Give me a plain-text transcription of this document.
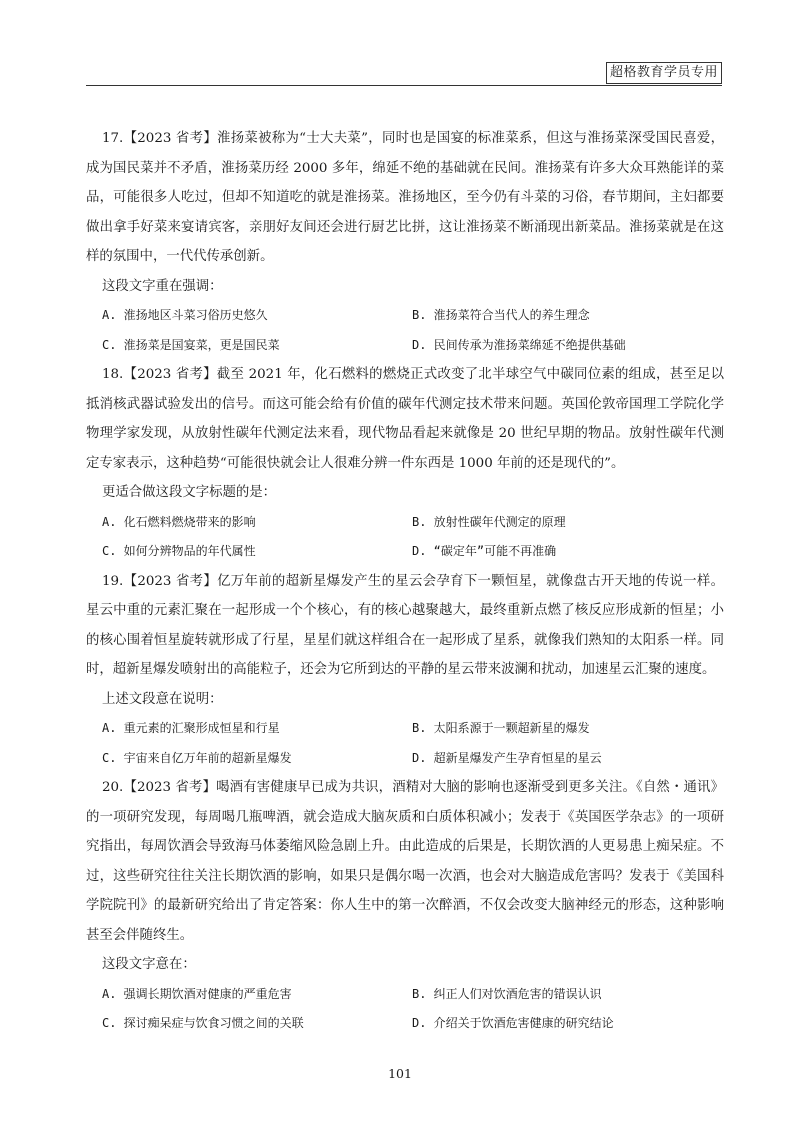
超格教育学员专用

17.【2023 省考】淮扬菜被称为“士大夫菜”，同时也是国宴的标准菜系，但这与淮扬菜深受国民喜爱，成为国民菜并不矛盾，淮扬菜历经 2000 多年，绵延不绝的基础就在民间。淮扬菜有许多大众耳熟能详的菜品，可能很多人吃过，但却不知道吃的就是淮扬菜。淮扬地区，至今仍有斗菜的习俗，春节期间，主妇都要做出拿手好菜来宴请宾客，亲朋好友间还会进行厨艺比拼，这让淮扬菜不断涌现出新菜品。淮扬菜就是在这样的氛围中，一代代传承创新。

这段文字重在强调：

A. 淮扬地区斗菜习俗历史悠久	B. 淮扬菜符合当代人的养生理念
C. 淮扬菜是国宴菜，更是国民菜	D. 民间传承为淮扬菜绵延不绝提供基础

18.【2023 省考】截至 2021 年，化石燃料的燃烧正式改变了北半球空气中碳同位素的组成，甚至足以抵消核武器试验发出的信号。而这可能会给有价值的碳年代测定技术带来问题。英国伦敦帝国理工学院化学物理学家发现，从放射性碳年代测定法来看，现代物品看起来就像是 20 世纪早期的物品。放射性碳年代测定专家表示，这种趋势“可能很快就会让人很难分辨一件东西是 1000 年前的还是现代的”。

更适合做这段文字标题的是：

A. 化石燃料燃烧带来的影响	B. 放射性碳年代测定的原理
C. 如何分辨物品的年代属性	D. “碳定年”可能不再准确

19.【2023 省考】亿万年前的超新星爆发产生的星云会孕育下一颗恒星，就像盘古开天地的传说一样。星云中重的元素汇聚在一起形成一个个核心，有的核心越聚越大，最终重新点燃了核反应形成新的恒星；小的核心围着恒星旋转就形成了行星，星星们就这样组合在一起形成了星系，就像我们熟知的太阳系一样。同时，超新星爆发喷射出的高能粒子，还会为它所到达的平静的星云带来波澜和扰动，加速星云汇聚的速度。

上述文段意在说明：

A. 重元素的汇聚形成恒星和行星	B. 太阳系源于一颗超新星的爆发
C. 宇宙来自亿万年前的超新星爆发	D. 超新星爆发产生孕育恒星的星云

20.【2023 省考】喝酒有害健康早已成为共识，酒精对大脑的影响也逐渐受到更多关注。《自然・通讯》的一项研究发现，每周喝几瓶啤酒，就会造成大脑灰质和白质体积减小；发表于《英国医学杂志》的一项研究指出，每周饮酒会导致海马体萎缩风险急剧上升。由此造成的后果是，长期饮酒的人更易患上痴呆症。不过，这些研究往往关注长期饮酒的影响，如果只是偶尔喝一次酒，也会对大脑造成危害吗？发表于《美国科学院院刊》的最新研究给出了肯定答案：你人生中的第一次醉酒，不仅会改变大脑神经元的形态，这种影响甚至会伴随终生。

这段文字意在：

A. 强调长期饮酒对健康的严重危害	B. 纠正人们对饮酒危害的错误认识
C. 探讨痴呆症与饮食习惯之间的关联	D. 介绍关于饮酒危害健康的研究结论
101
